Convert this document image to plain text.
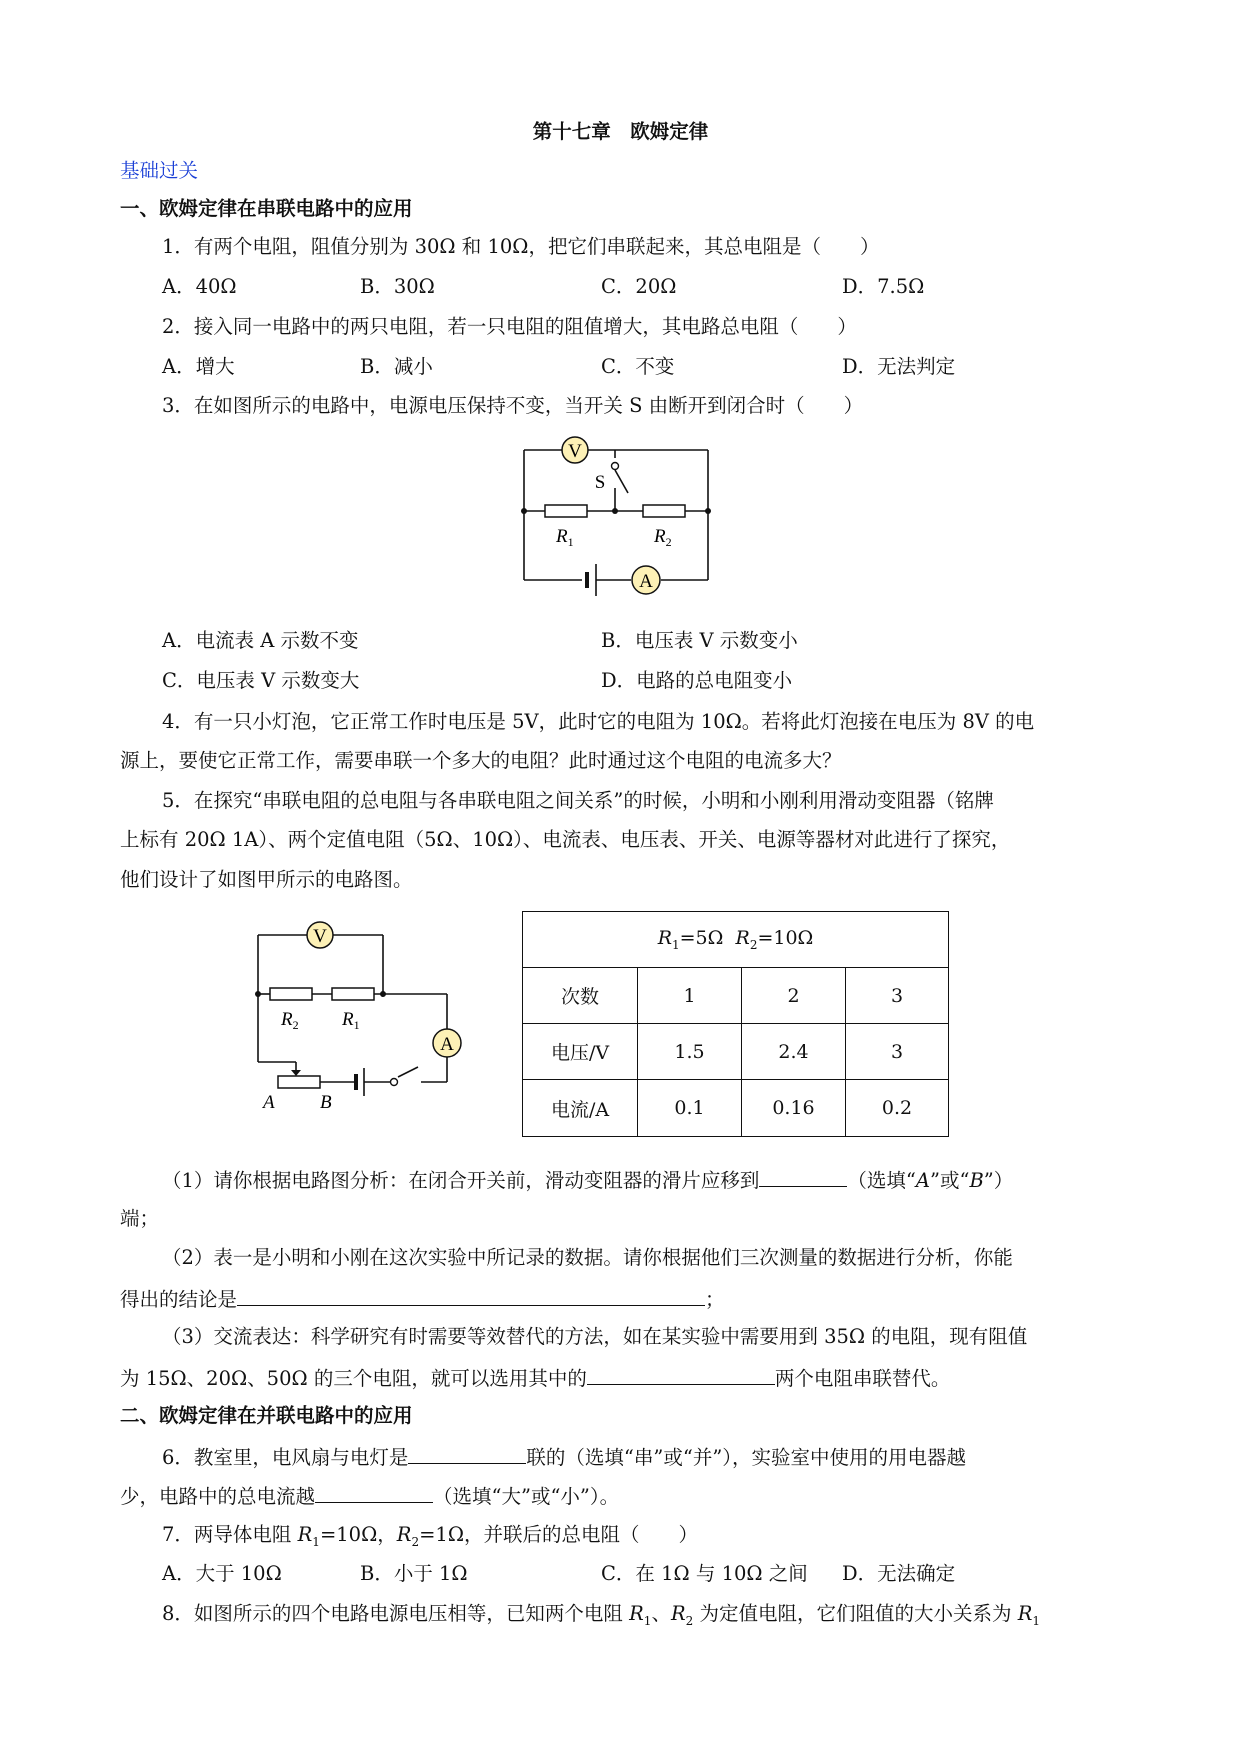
第十七章　欧姆定律
基础过关
一、欧姆定律在串联电路中的应用
1．有两个电阻，阻值分别为 30Ω 和 10Ω，把它们串联起来，其总电阻是（　　）
A．40Ω	B．30Ω	C．20Ω	D．7.5Ω
2．接入同一电路中的两只电阻，若一只电阻的阻值增大，其电路总电阻（　　）
A．增大	B．减小	C．不变	D．无法判定
3．在如图所示的电路中，电源电压保持不变，当开关 S 由断开到闭合时（　　）
V
A
S
$R_1$	$R_2$
A．电流表 A 示数不变	B．电压表 V 示数变小
C．电压表 V 示数变大	D．电路的总电阻变小
4．有一只小灯泡，它正常工作时电压是 5V，此时它的电阻为 10Ω。若将此灯泡接在电压为 8V 的电
源上，要使它正常工作，需要串联一个多大的电阻？此时通过这个电阻的电流多大？
5．在探究“串联电阻的总电阻与各串联电阻之间关系”的时候，小明和小刚利用滑动变阻器（铭牌
上标有 20Ω 1A）、两个定值电阻（5Ω、10Ω）、电流表、电压表、开关、电源等器材对此进行了探究，
他们设计了如图甲所示的电路图。
V
A
$R_2$ $R_1$
A B
$R_1=5\Omega$ $R_2=10\Omega$			
次数	1	2	3
电压/V	1.5	2.4	3
电流/A	0.1	0.16	0.2
（1）请你根据电路图分析：在闭合开关前，滑动变阻器的滑片应移到	（选填“A”或“B”）
端；
（2）表一是小明和小刚在这次实验中所记录的数据。请你根据他们三次测量的数据进行分析，你能
得出的结论是	；
（3）交流表达：科学研究有时需要等效替代的方法，如在某实验中需要用到 35Ω 的电阻，现有阻值
为 15Ω、20Ω、50Ω 的三个电阻，就可以选用其中的	两个电阻串联替代。
二、欧姆定律在并联电路中的应用
6．教室里，电风扇与电灯是	联的（选填“串”或“并”），实验室中使用的用电器越
少，电路中的总电流越	（选填“大”或“小”）。
7．两导体电阻 $R_1=10\Omega$，$R_2=1\Omega$，并联后的总电阻（　　）
A．大于 10Ω	B．小于 1Ω	C．在 1Ω 与 10Ω 之间 D．无法确定
8．如图所示的四个电路电源电压相等，已知两个电阻 $R_1$、$R_2$ 为定值电阻，它们阻值的大小关系为 $R_1$
